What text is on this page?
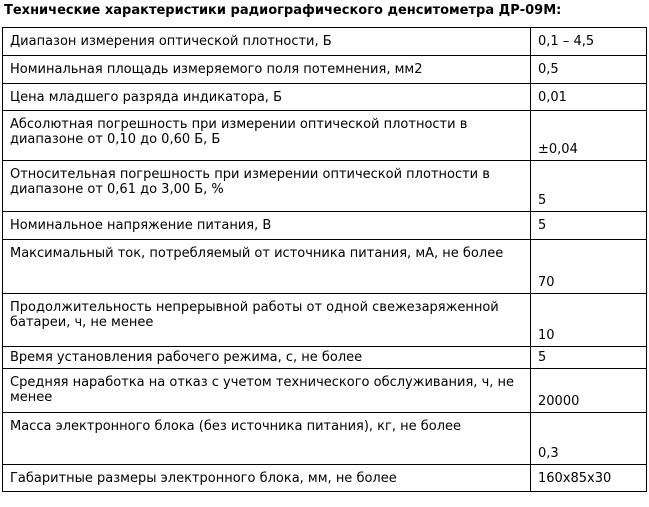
Технические характеристики радиографического денситометра ДР-09М:
Диапазон измерения оптической плотности, Б	0,1 – 4,5
Номинальная площадь измеряемого поля потемнения, мм2	0,5
Цена младшего разряда индикатора, Б	0,01
Абсолютная погрешность при измерении оптической плотности в диапазоне от 0,10 до 0,60 Б, Б	±0,04
Относительная погрешность при измерении оптической плотности в диапазоне от 0,61 до 3,00 Б, %	5
Номинальное напряжение питания, В	5
Максимальный ток, потребляемый от источника питания, мА, не более	70
Продолжительность непрерывной работы от одной свежезаряженной батареи, ч, не менее	10
Время установления рабочего режима, с, не более	5
Средняя наработка на отказ с учетом технического обслуживания, ч, не менее	20000
Масса электронного блока (без источника питания), кг, не более	0,3
Габаритные размеры электронного блока, мм, не более	160х85х30
